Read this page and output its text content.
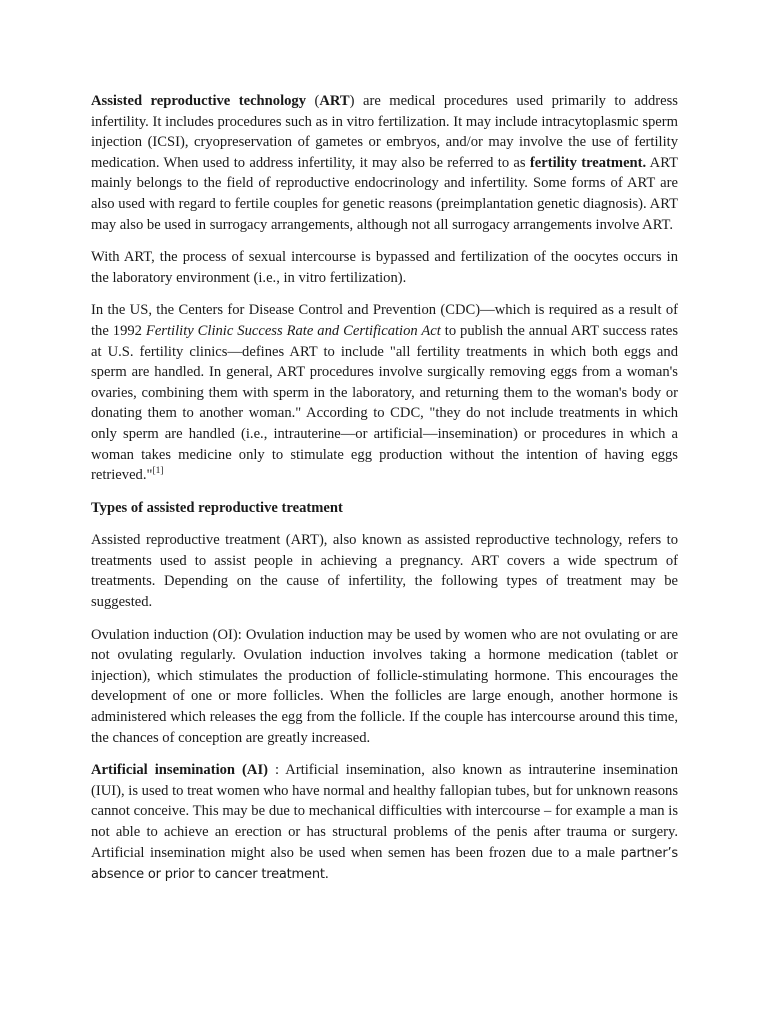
Assisted reproductive technology (ART) are medical procedures used primarily to address infertility. It includes procedures such as in vitro fertilization. It may include intracytoplasmic sperm injection (ICSI), cryopreservation of gametes or embryos, and/or may involve the use of fertility medication. When used to address infertility, it may also be referred to as fertility treatment. ART mainly belongs to the field of reproductive endocrinology and infertility. Some forms of ART are also used with regard to fertile couples for genetic reasons (preimplantation genetic diagnosis). ART may also be used in surrogacy arrangements, although not all surrogacy arrangements involve ART.

With ART, the process of sexual intercourse is bypassed and fertilization of the oocytes occurs in the laboratory environment (i.e., in vitro fertilization).

In the US, the Centers for Disease Control and Prevention (CDC)—which is required as a result of the 1992 Fertility Clinic Success Rate and Certification Act to publish the annual ART success rates at U.S. fertility clinics—defines ART to include "all fertility treatments in which both eggs and sperm are handled. In general, ART procedures involve surgically removing eggs from a woman's ovaries, combining them with sperm in the laboratory, and returning them to the woman's body or donating them to another woman." According to CDC, "they do not include treatments in which only sperm are handled (i.e., intrauterine—or artificial—insemination) or procedures in which a woman takes medicine only to stimulate egg production without the intention of having eggs retrieved."[1]

Types of assisted reproductive treatment

Assisted reproductive treatment (ART), also known as assisted reproductive technology, refers to treatments used to assist people in achieving a pregnancy. ART covers a wide spectrum of treatments. Depending on the cause of infertility, the following types of treatment may be suggested.

Ovulation induction (OI): Ovulation induction may be used by women who are not ovulating or are not ovulating regularly. Ovulation induction involves taking a hormone medication (tablet or injection), which stimulates the production of follicle-stimulating hormone. This encourages the development of one or more follicles. When the follicles are large enough, another hormone is administered which releases the egg from the follicle. If the couple has intercourse around this time, the chances of conception are greatly increased.

Artificial insemination (AI) : Artificial insemination, also known as intrauterine insemination (IUI), is used to treat women who have normal and healthy fallopian tubes, but for unknown reasons cannot conceive. This may be due to mechanical difficulties with intercourse – for example a man is not able to achieve an erection or has structural problems of the penis after trauma or surgery. Artificial insemination might also be used when semen has been frozen due to a male partner’s absence or prior to cancer treatment.
